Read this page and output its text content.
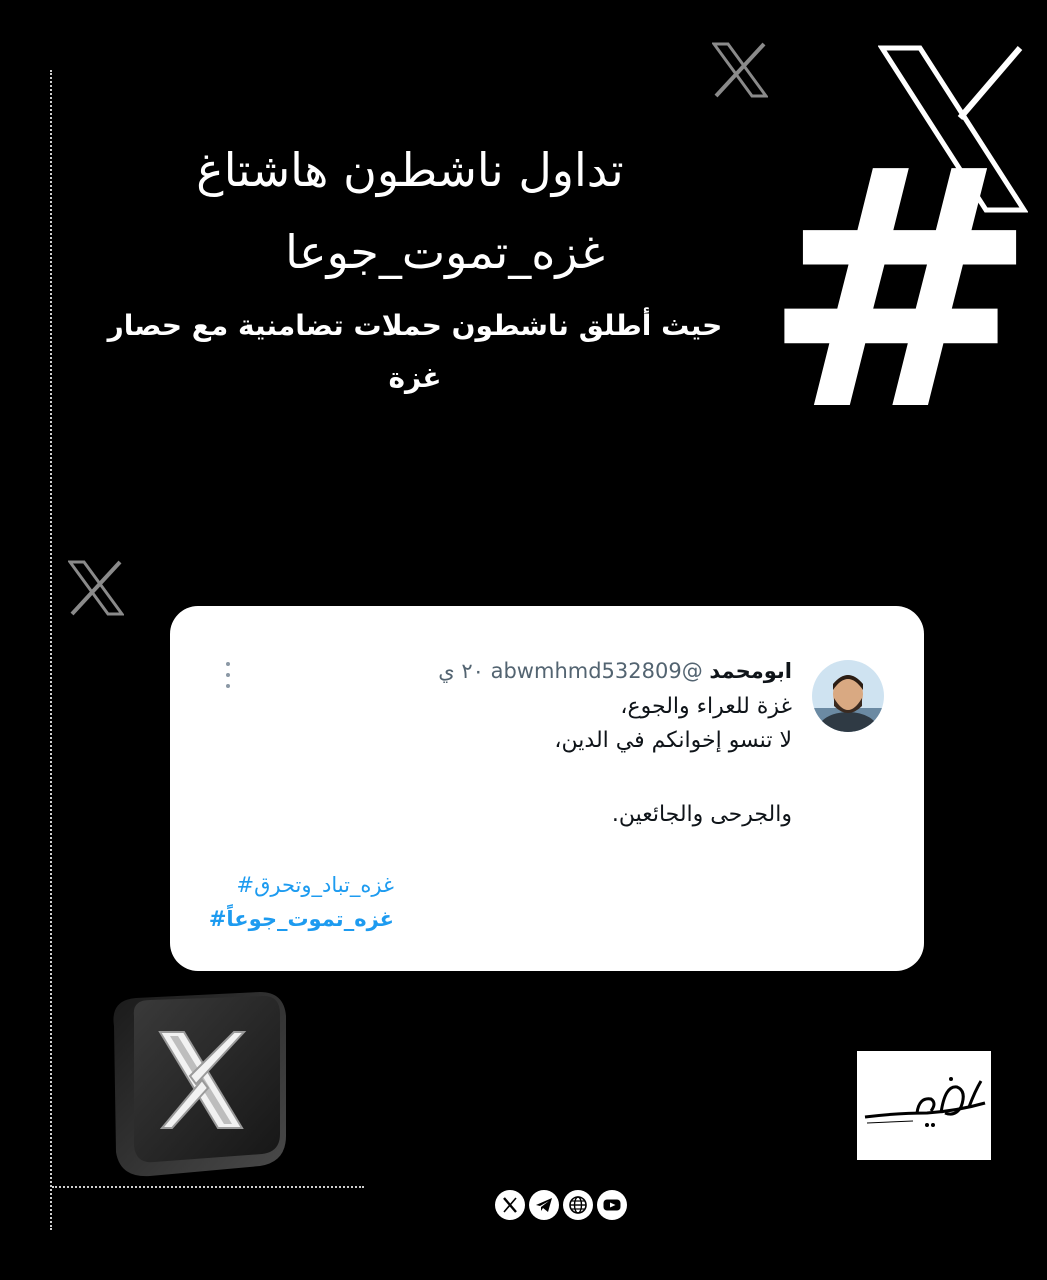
#
تداول ناشطون هاشتاغ
غزه_تموت_جوعا
حيث أطلق ناشطون حملات تضامنية مع حصار
غزة
ابومحمد @abwmhmd532809 ٢٠ ي

غزة للعراء والجوع،

لا تنسو إخوانكم في الدين،

والجرحى والجائعين.

غزه_تباد_وتحرق#
غزه_تموت_جوعاً#
